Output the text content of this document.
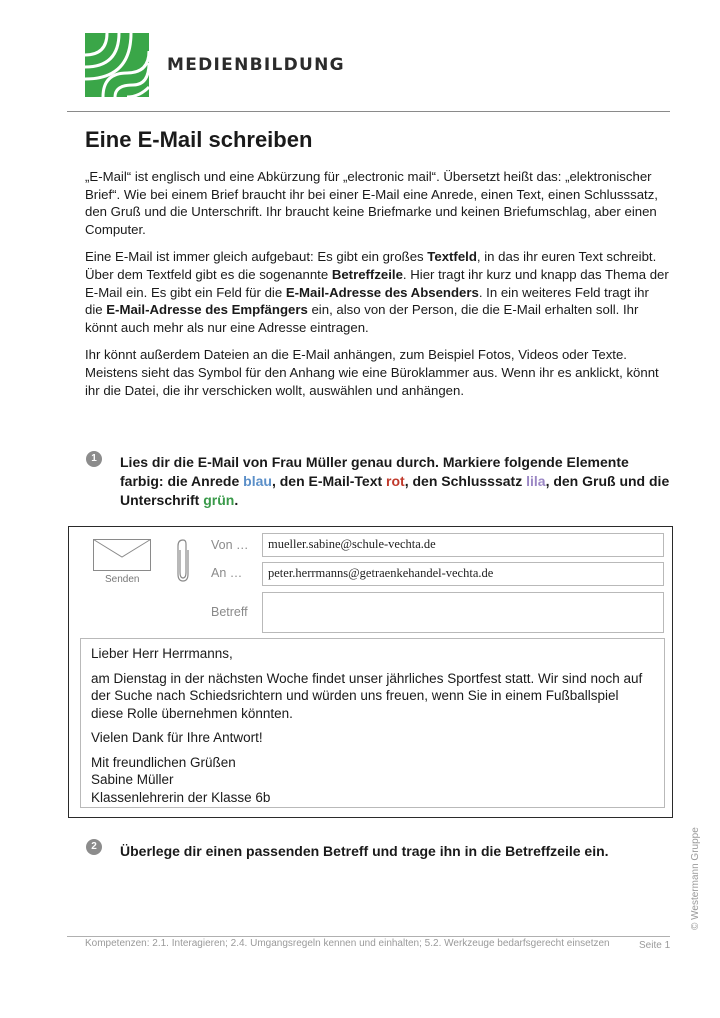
MEDIENBILDUNG
Eine E-Mail schreiben

„E-Mail“ ist englisch und eine Abkürzung für „electronic mail“. Übersetzt heißt das: „elektronischer Brief“. Wie bei einem Brief braucht ihr bei einer E-Mail eine Anrede, einen Text, einen Schlusssatz, den Gruß und die Unterschrift. Ihr braucht keine Briefmarke und keinen Briefumschlag, aber einen Computer.

Eine E-Mail ist immer gleich aufgebaut: Es gibt ein großes Textfeld, in das ihr euren Text schreibt. Über dem Textfeld gibt es die sogenannte Betreffzeile. Hier tragt ihr kurz und knapp das Thema der E-Mail ein. Es gibt ein Feld für die E-Mail-Adresse des Absenders. In ein weiteres Feld tragt ihr die E-Mail-Adresse des Empfängers ein, also von der Person, die die E-Mail erhalten soll. Ihr könnt auch mehr als nur eine Adresse eintragen.

Ihr könnt außerdem Dateien an die E-Mail anhängen, zum Beispiel Fotos, Videos oder Texte. Meistens sieht das Symbol für den Anhang wie eine Büroklammer aus. Wenn ihr es anklickt, könnt ihr die Datei, die ihr verschicken wollt, auswählen und anhängen.

1	Lies dir die E-Mail von Frau Müller genau durch. Markiere folgende Elemente farbig: die Anrede blau, den E-Mail-Text rot, den Schlusssatz lila, den Gruß und die Unterschrift grün.
Senden
Von …	mueller.sabine@schule-vechta.de
An …	peter.herrmanns@getraenkehandel-vechta.de
Betreff

Lieber Herr Herrmanns,

am Dienstag in der nächsten Woche findet unser jährliches Sportfest statt. Wir sind noch auf der Suche nach Schiedsrichtern und würden uns freuen, wenn Sie in einem Fußballspiel diese Rolle übernehmen könnten.

Vielen Dank für Ihre Antwort!

Mit freundlichen Grüßen
Sabine Müller
Klassenlehrerin der Klasse 6b
2	Überlege dir einen passenden Betreff und trage ihn in die Betreffzeile ein.	© Westermann Gruppe
Kompetenzen: 2.1. Interagieren; 2.4. Umgangsregeln kennen und einhalten; 5.2. Werkzeuge bedarfsgerecht einsetzen	Seite 1
